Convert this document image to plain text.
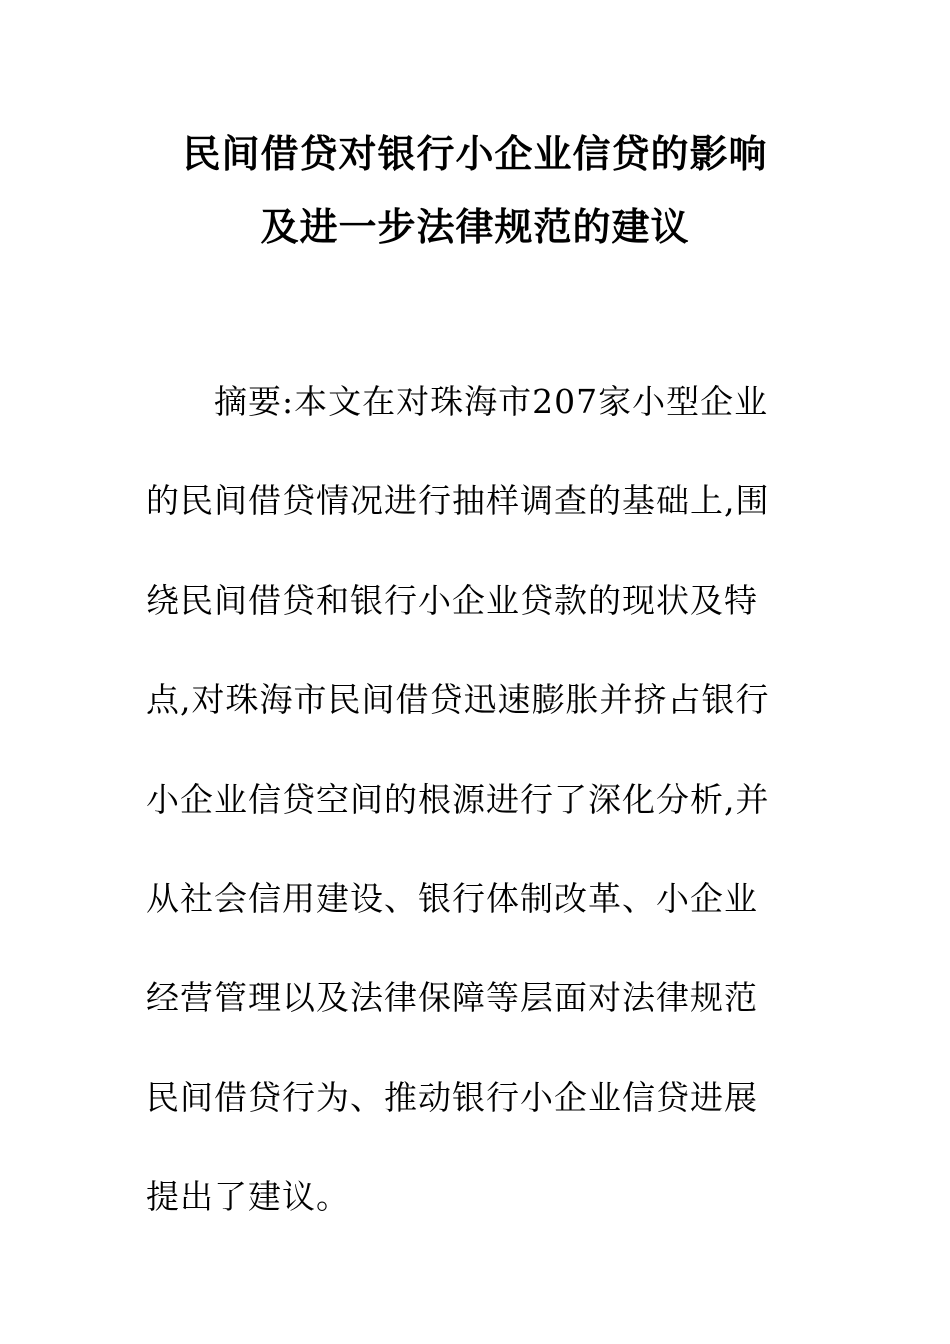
民间借贷对银行小企业信贷的影响
及进一步法律规范的建议
摘要:本文在对珠海市207家小型企业
的民间借贷情况进行抽样调查的基础上,围
绕民间借贷和银行小企业贷款的现状及特
点,对珠海市民间借贷迅速膨胀并挤占银行
小企业信贷空间的根源进行了深化分析,并
从社会信用建设、银行体制改革、小企业
经营管理以及法律保障等层面对法律规范
民间借贷行为、推动银行小企业信贷进展
提出了建议。
